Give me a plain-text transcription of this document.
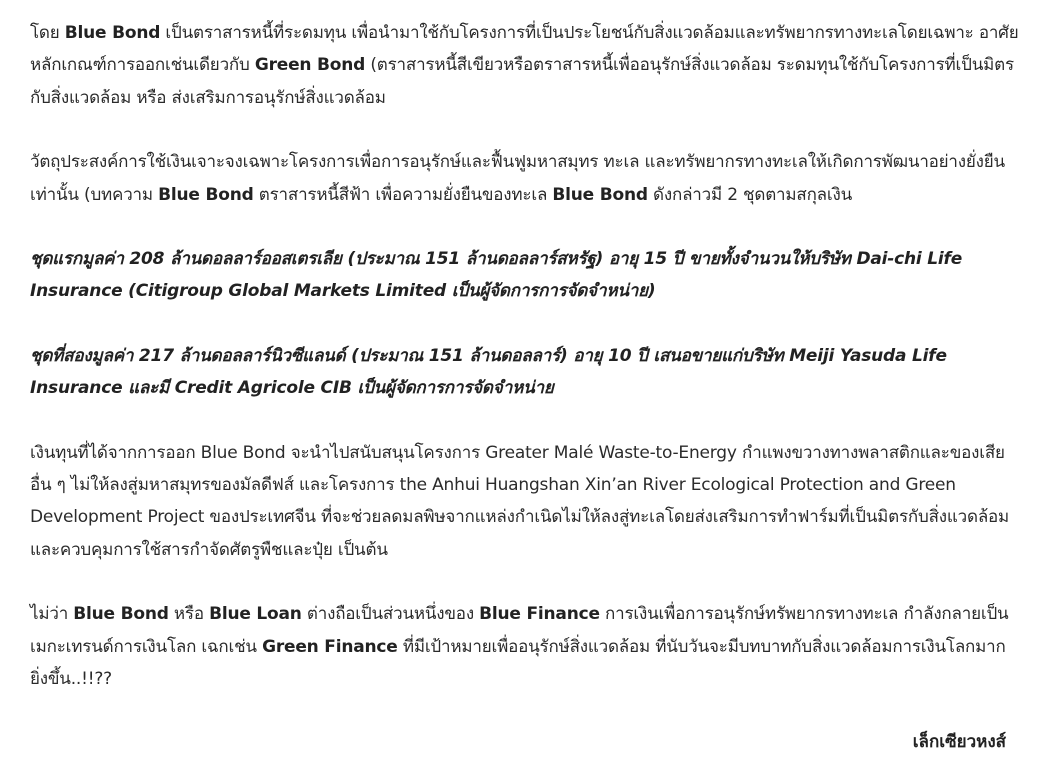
โดย Blue Bond เป็นตราสารหนี้ที่ระดมทุน เพื่อนำมาใช้กับโครงการที่เป็นประโยชน์กับสิ่งแวดล้อมและทรัพยากรทางทะเลโดยเฉพาะ อาศัยหลักเกณฑ์การออกเช่นเดียวกับ Green Bond (ตราสารหนี้สีเขียวหรือตราสารหนี้เพื่ออนุรักษ์สิ่งแวดล้อม ระดมทุนใช้กับโครงการที่เป็นมิตรกับสิ่งแวดล้อม หรือ ส่งเสริมการอนุรักษ์สิ่งแวดล้อม

วัตถุประสงค์การใช้เงินเจาะจงเฉพาะโครงการเพื่อการอนุรักษ์และฟื้นฟูมหาสมุทร ทะเล และทรัพยากรทางทะเลให้เกิดการพัฒนาอย่างยั่งยืนเท่านั้น (บทความ Blue Bond ตราสารหนี้สีฟ้า เพื่อความยั่งยืนของทะเล Blue Bond ดังกล่าวมี 2 ชุดตามสกุลเงิน

ชุดแรกมูลค่า 208 ล้านดอลลาร์ออสเตรเลีย (ประมาณ 151 ล้านดอลลาร์สหรัฐ) อายุ 15 ปี ขายทั้งจำนวนให้บริษัท Dai-chi Life Insurance (Citigroup Global Markets Limited เป็นผู้จัดการการจัดจำหน่าย)

ชุดที่สองมูลค่า 217 ล้านดอลลาร์นิวซีแลนด์ (ประมาณ 151 ล้านดอลลาร์) อายุ 10 ปี เสนอขายแก่บริษัท Meiji Yasuda Life Insurance และมี Credit Agricole CIB เป็นผู้จัดการการจัดจำหน่าย

เงินทุนที่ได้จากการออก Blue Bond จะนำไปสนับสนุนโครงการ Greater Malé Waste-to-Energy กำแพงขวางทางพลาสติกและของเสียอื่น ๆ ไม่ให้ลงสู่มหาสมุทรของมัลดีฟส์ และโครงการ the Anhui Huangshan Xin’an River Ecological Protection and Green Development Project ของประเทศจีน ที่จะช่วยลดมลพิษจากแหล่งกำเนิดไม่ให้ลงสู่ทะเลโดยส่งเสริมการทำฟาร์มที่เป็นมิตรกับสิ่งแวดล้อมและควบคุมการใช้สารกำจัดศัตรูพืชและปุ๋ย เป็นต้น

ไม่ว่า Blue Bond หรือ Blue Loan ต่างถือเป็นส่วนหนึ่งของ Blue Finance การเงินเพื่อการอนุรักษ์ทรัพยากรทางทะเล กำลังกลายเป็นเมกะเทรนด์การเงินโลก เฉกเช่น Green Finance ที่มีเป้าหมายเพื่ออนุรักษ์สิ่งแวดล้อม ที่นับวันจะมีบทบาทกับสิ่งแวดล้อมการเงินโลกมากยิ่งขึ้น..!!??

เล็กเซียวหงส์
